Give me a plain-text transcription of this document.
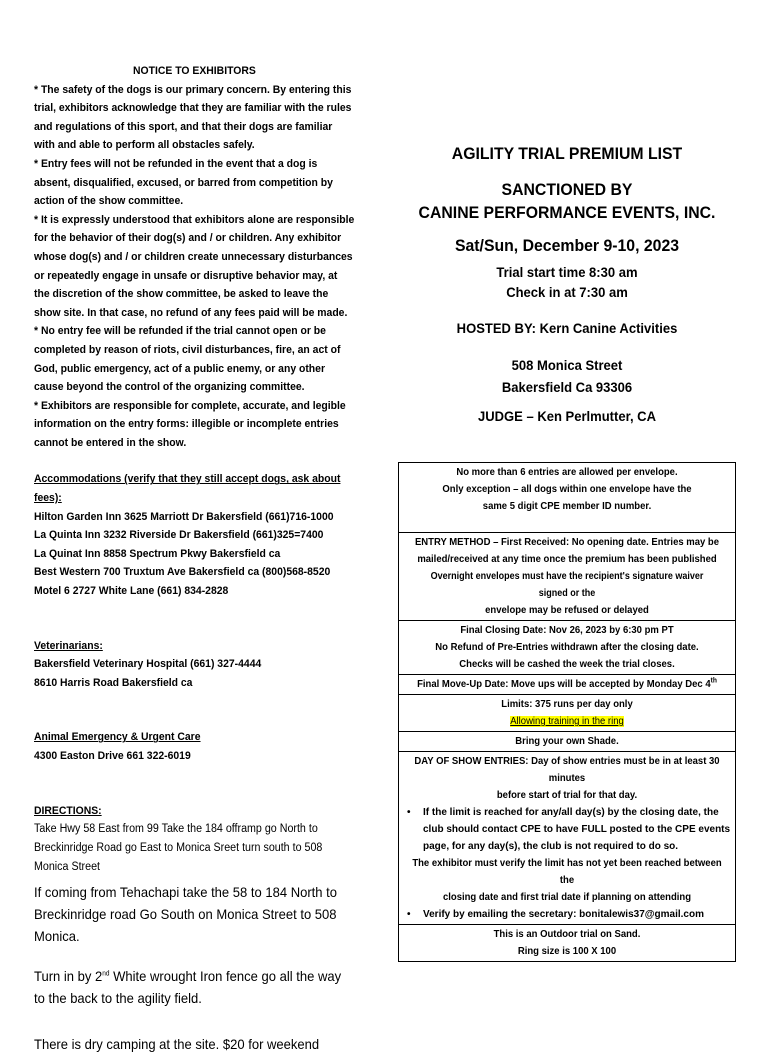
NOTICE TO EXHIBITORS

* The safety of the dogs is our primary concern. By entering this trial, exhibitors acknowledge that they are familiar with the rules and regulations of this sport, and that their dogs are familiar with and able to perform all obstacles safely.

* Entry fees will not be refunded in the event that a dog is absent, disqualified, excused, or barred from competition by action of the show committee.

* It is expressly understood that exhibitors alone are responsible for the behavior of their dog(s) and / or children. Any exhibitor whose dog(s) and / or children create unnecessary disturbances or repeatedly engage in unsafe or disruptive behavior may, at the discretion of the show committee, be asked to leave the show site. In that case, no refund of any fees paid will be made.

* No entry fee will be refunded if the trial cannot open or be completed by reason of riots, civil disturbances, fire, an act of God, public emergency, act of a public enemy, or any other cause beyond the control of the organizing committee.

* Exhibitors are responsible for complete, accurate, and legible information on the entry forms: illegible or incomplete entries cannot be entered in the show.

Accommodations (verify that they still accept dogs, ask about fees):

Hilton Garden Inn 3625 Marriott Dr Bakersfield (661)716-1000

La Quinta Inn 3232 Riverside Dr Bakersfield (661)325=7400

La Quinat Inn 8858 Spectrum Pkwy Bakersfield ca

Best Western 700 Truxtum Ave Bakersfield ca (800)568-8520

Motel 6 2727 White Lane (661) 834-2828

Veterinarians:

Bakersfield Veterinary Hospital (661) 327-4444

8610 Harris Road Bakersfield ca

Animal Emergency & Urgent Care

4300 Easton Drive 661 322-6019

DIRECTIONS:

Take Hwy 58 East from 99 Take the 184 offramp go North to Breckinridge Road go East to Monica Sreet turn south to 508 Monica Street

If coming from Tehachapi take the 58 to 184 North to Breckinridge road Go South on Monica Street to 508 Monica.

Turn in by 2nd White wrought Iron fence go all the way to the back to the agility field.

There is dry camping at the site. $20 for weekend

AGILITY TRIAL PREMIUM LIST

SANCTIONED BY

CANINE PERFORMANCE EVENTS, INC.

Sat/Sun, December 9-10, 2023

Trial start time 8:30 am

Check in at 7:30 am

HOSTED BY: Kern Canine Activities

508 Monica Street

Bakersfield Ca 93306

JUDGE – Ken Perlmutter, CA

No more than 6 entries are allowed per envelope.
Only exception – all dogs within one envelope have the
same 5 digit CPE member ID number.
ENTRY METHOD – First Received: No opening date. Entries may be
mailed/received at any time once the premium has been published
Overnight envelopes must have the recipient's signature waiver signed or the
envelope may be refused or delayed
Final Closing Date: Nov 26, 2023 by 6:30 pm PT
No Refund of Pre-Entries withdrawn after the closing date.
Checks will be cashed the week the trial closes.
Final Move-Up Date: Move ups will be accepted by Monday Dec 4th
Limits: 375 runs per day only
Allowing training in the ring
Bring your own Shade.
DAY OF SHOW ENTRIES: Day of show entries must be in at least 30 minutes
before start of trial for that day.
•	If the limit is reached for any/all day(s) by the closing date, the club should contact CPE to have FULL posted to the CPE events page, for any day(s), the club is not required to do so.
The exhibitor must verify the limit has not yet been reached between the
closing date and first trial date if planning on attending
•	Verify by emailing the secretary: bonitalewis37@gmail.com
This is an Outdoor trial on Sand.
Ring size is 100 X 100
